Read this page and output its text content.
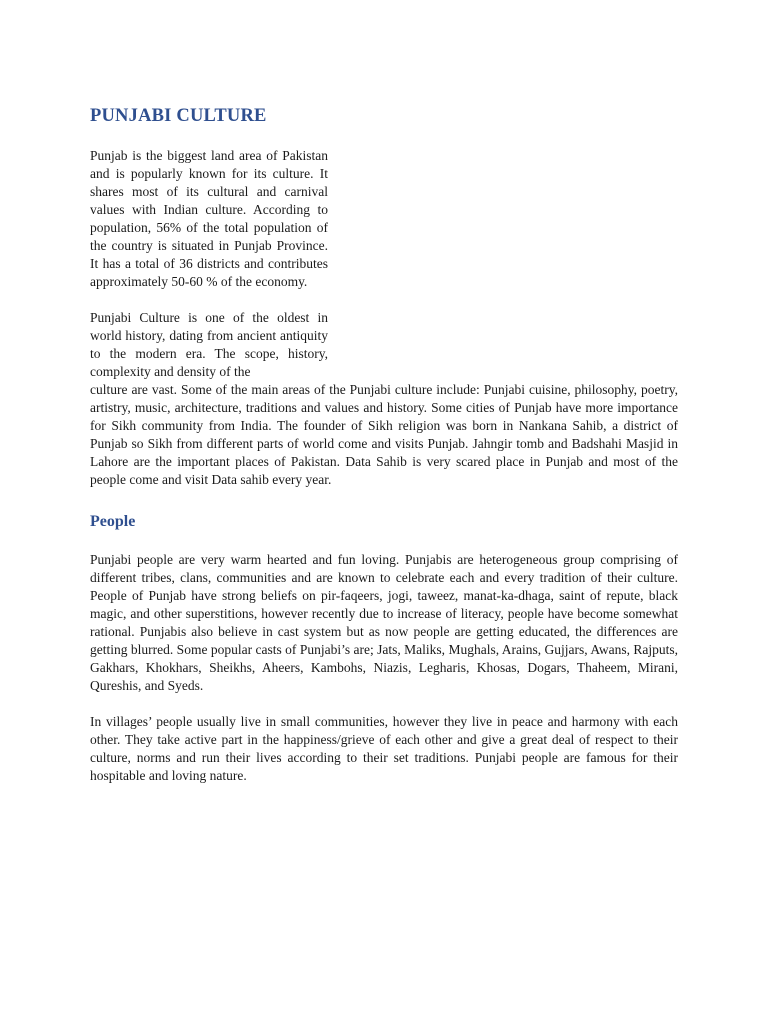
PUNJABI CULTURE

Punjab is the biggest land area of Pakistan and is popularly known for its culture. It shares most of its cultural and carnival values with Indian culture. According to population, 56% of the total population of the country is situated in Punjab Province. It has a total of 36 districts and contributes approximately 50-60 % of the economy.

Punjabi Culture is one of the oldest in world history, dating from ancient antiquity to the modern era. The scope, history, complexity and density of the

culture are vast. Some of the main areas of the Punjabi culture include: Punjabi cuisine, philosophy, poetry, artistry, music, architecture, traditions and values and history. Some cities of Punjab have more importance for Sikh community from India. The founder of Sikh religion was born in Nankana Sahib, a district of Punjab so Sikh from different parts of world come and visits Punjab. Jahngir tomb and Badshahi Masjid in Lahore are the important places of Pakistan. Data Sahib is very scared place in Punjab and most of the people come and visit Data sahib every year.

People

Punjabi people are very warm hearted and fun loving. Punjabis are heterogeneous group comprising of different tribes, clans, communities and are known to celebrate each and every tradition of their culture. People of Punjab have strong beliefs on pir-faqeers, jogi, taweez, manat-ka-dhaga, saint of repute, black magic, and other superstitions, however recently due to increase of literacy, people have become somewhat rational. Punjabis also believe in cast system but as now people are getting educated, the differences are getting blurred. Some popular casts of Punjabi’s are; Jats, Maliks, Mughals, Arains, Gujjars, Awans, Rajputs, Gakhars, Khokhars, Sheikhs, Aheers, Kambohs, Niazis, Legharis, Khosas, Dogars, Thaheem, Mirani, Qureshis, and Syeds.

In villages’ people usually live in small communities, however they live in peace and harmony with each other. They take active part in the happiness/grieve of each other and give a great deal of respect to their culture, norms and run their lives according to their set traditions. Punjabi people are famous for their hospitable and loving nature.
